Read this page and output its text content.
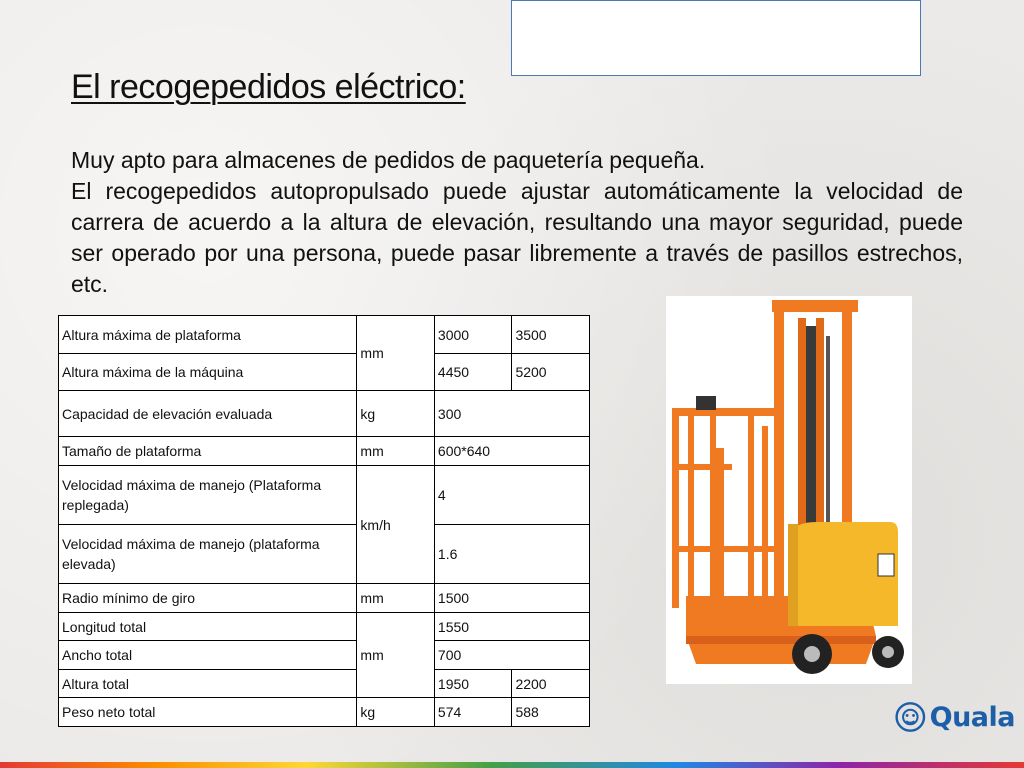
El recogepedidos eléctrico:

Muy apto para almacenes de pedidos de paquetería pequeña.

El recogepedidos autopropulsado puede ajustar automáticamente la velocidad de carrera de acuerdo a la altura de elevación, resultando una mayor seguridad, puede ser operado por una persona, puede pasar libremente a través de pasillos estrechos, etc.

Altura máxima de plataforma	mm	3000	3500
Altura máxima de la máquina		4450	5200
Capacidad de elevación evaluada	kg	300	
Tamaño de plataforma	mm	600*640	
Velocidad máxima de manejo (Plataforma replegada)	km/h	4	
Velocidad máxima de manejo (plataforma elevada)		1.6	
Radio mínimo de giro	mm	1500	
Longitud total	mm	1550	
Ancho total		700	
Altura total		1950	2200
Peso neto total	kg	574	588	Quala
